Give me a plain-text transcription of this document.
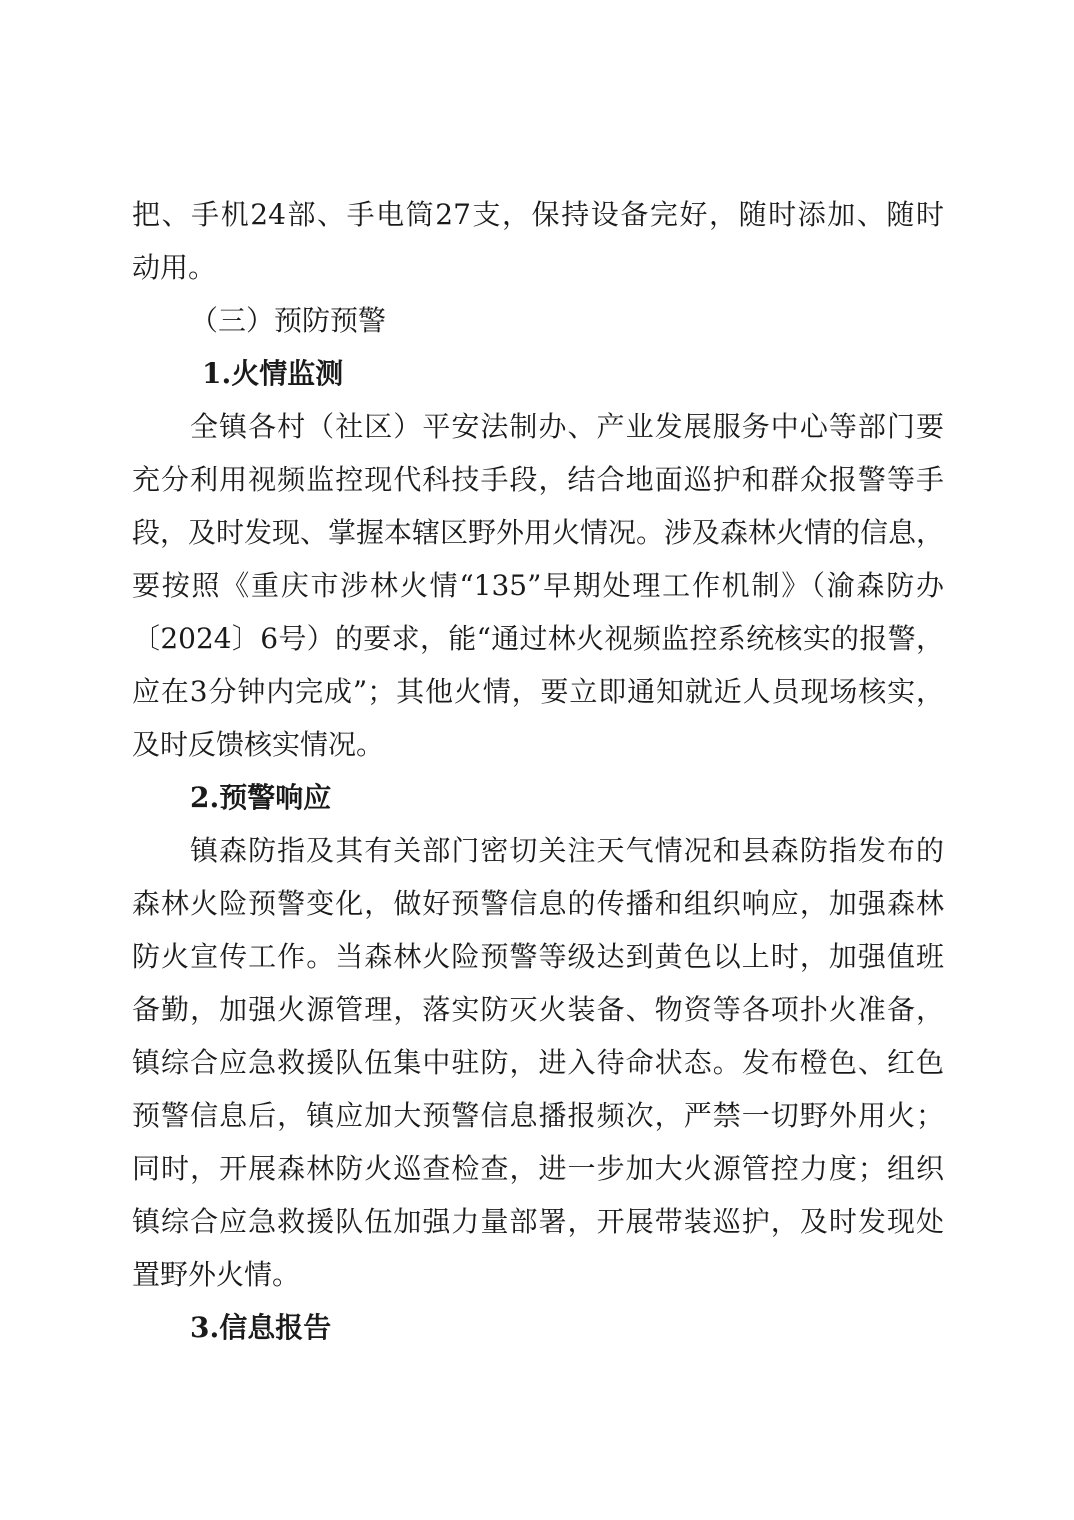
把、手机24部、手电筒27支，保持设备完好，随时添加、随时
动用。
（三）预防预警
1.火情监测
全镇各村（社区）平安法制办、产业发展服务中心等部门要
充分利用视频监控现代科技手段，结合地面巡护和群众报警等手
段，及时发现、掌握本辖区野外用火情况。涉及森林火情的信息，
要按照《重庆市涉林火情“135”早期处理工作机制》（渝森防办
〔2024〕6号）的要求，能“通过林火视频监控系统核实的报警，
应在3分钟内完成”；其他火情，要立即通知就近人员现场核实，
及时反馈核实情况。
2.预警响应
镇森防指及其有关部门密切关注天气情况和县森防指发布的
森林火险预警变化，做好预警信息的传播和组织响应，加强森林
防火宣传工作。当森林火险预警等级达到黄色以上时，加强值班
备勤，加强火源管理，落实防灭火装备、物资等各项扑火准备，
镇综合应急救援队伍集中驻防，进入待命状态。发布橙色、红色
预警信息后，镇应加大预警信息播报频次，严禁一切野外用火；
同时，开展森林防火巡查检查，进一步加大火源管控力度；组织
镇综合应急救援队伍加强力量部署，开展带装巡护，及时发现处
置野外火情。
3.信息报告
